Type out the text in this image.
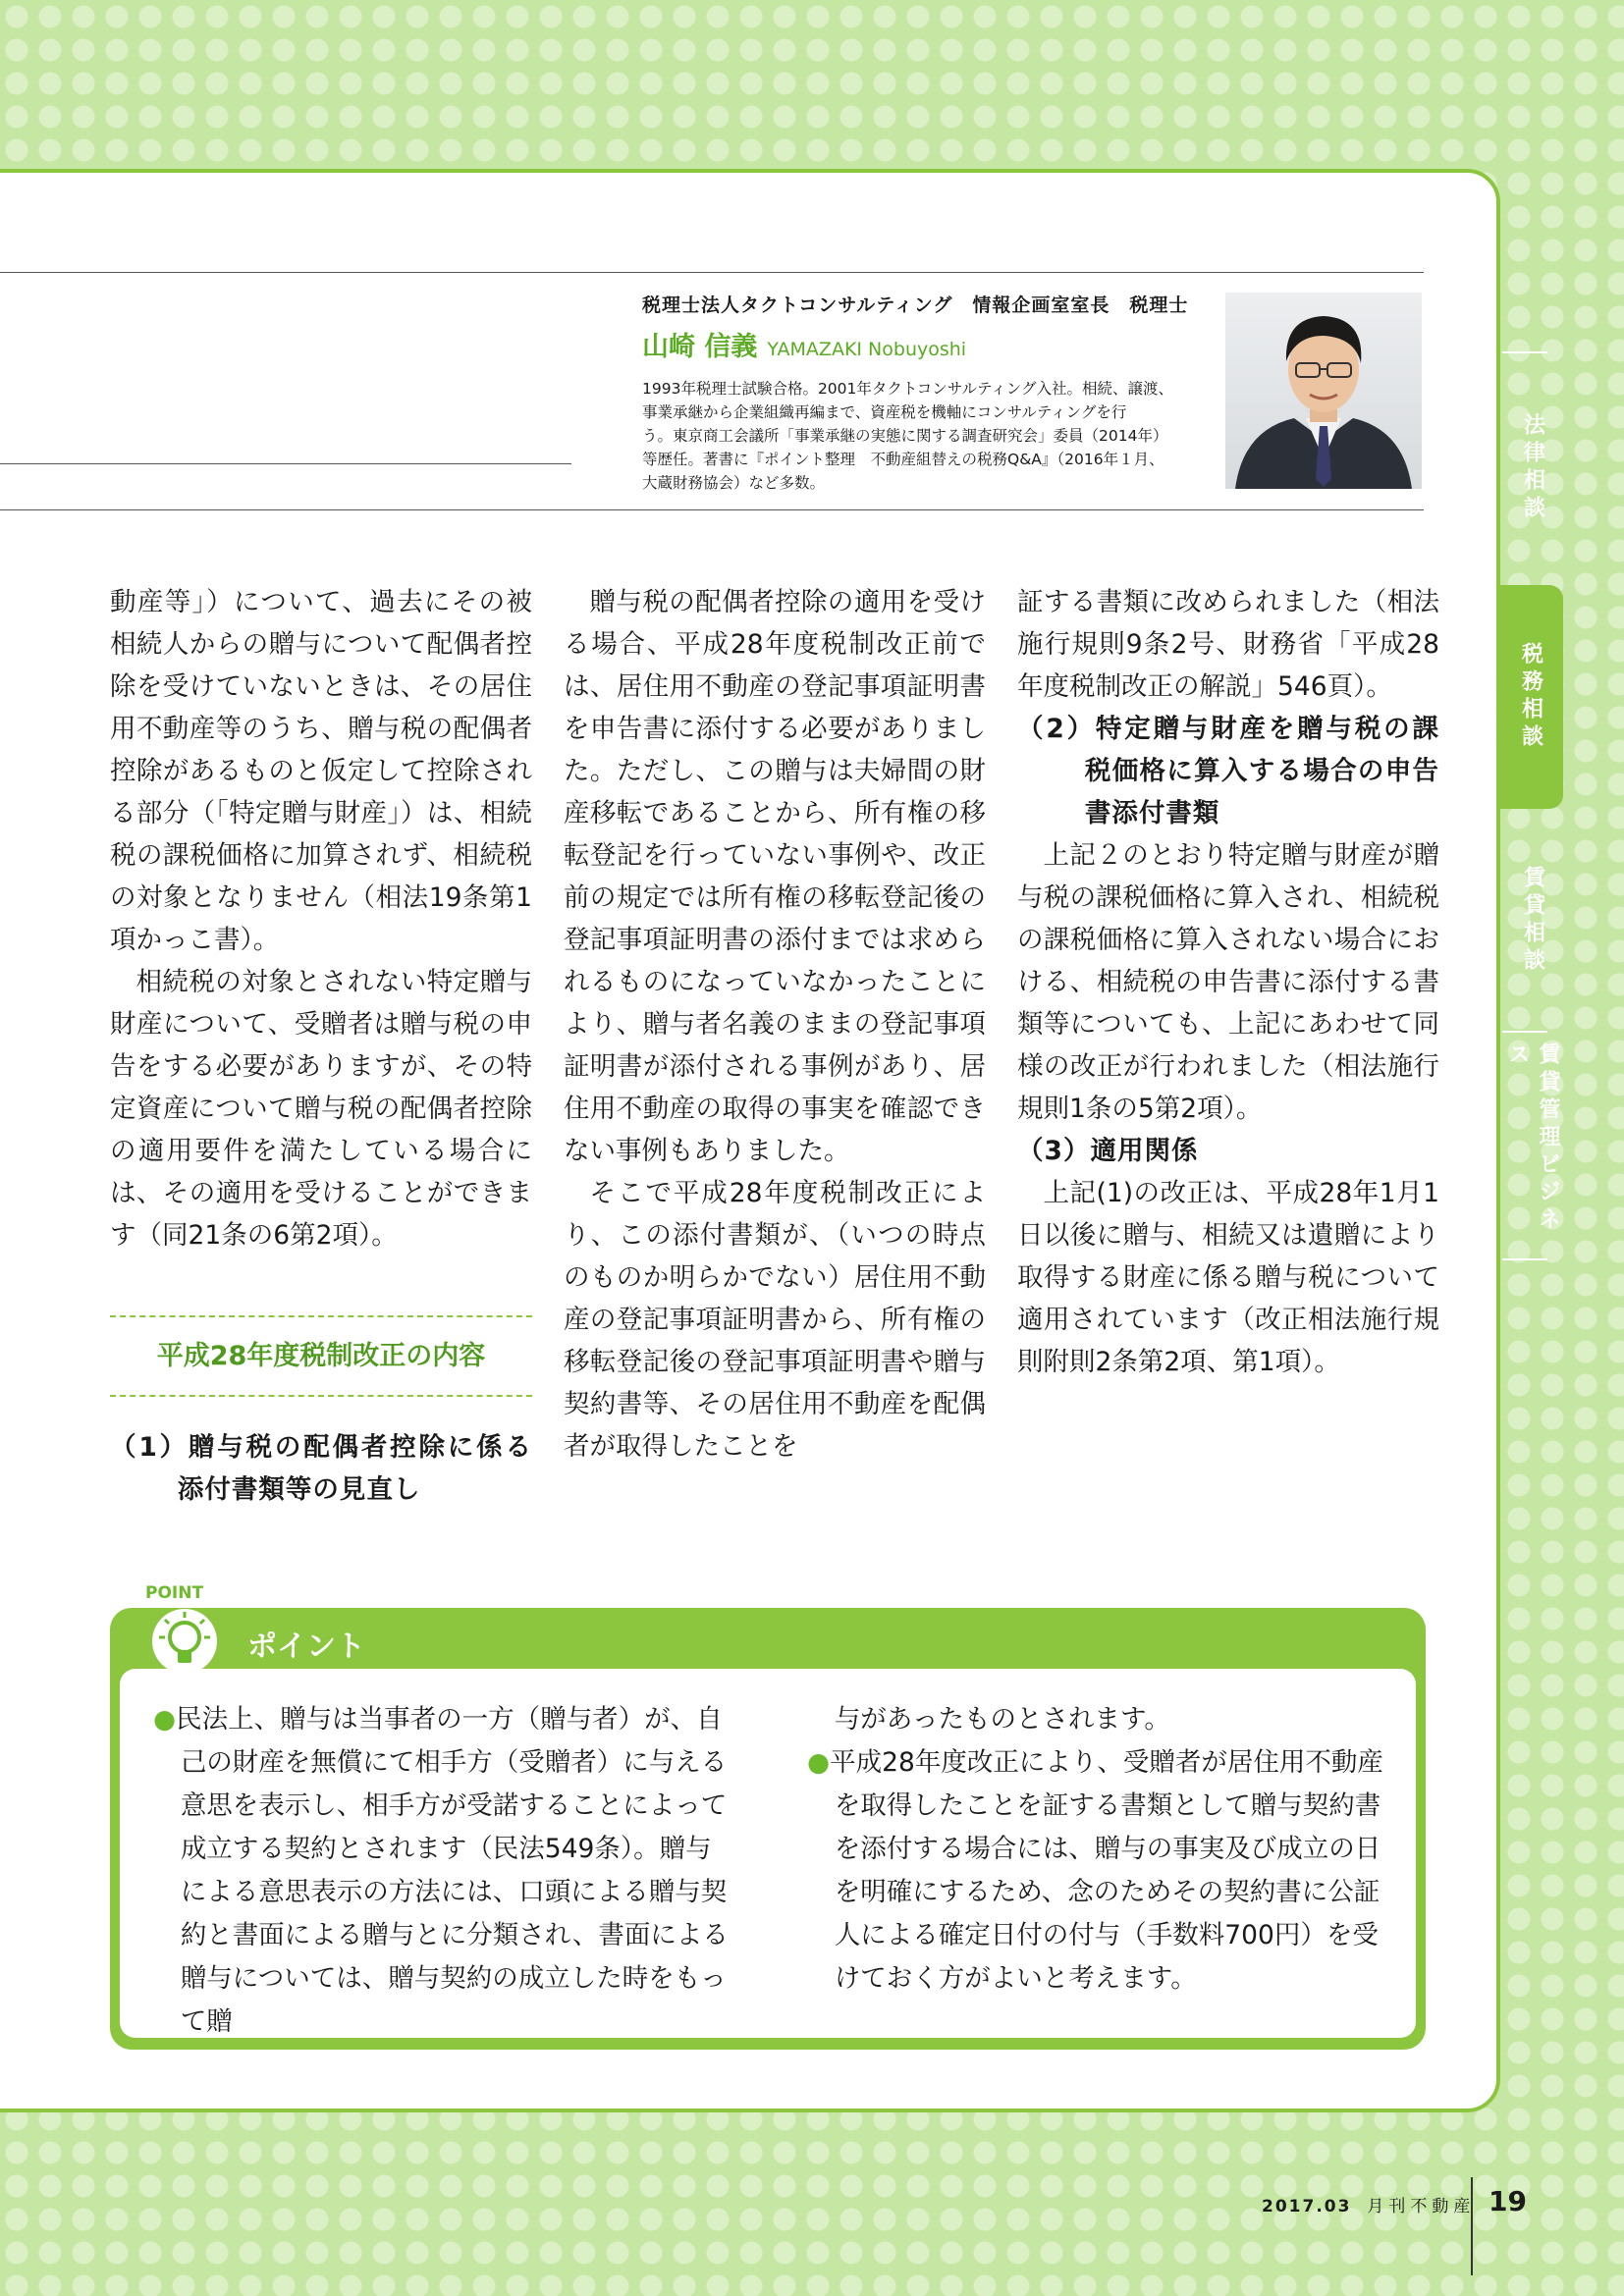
税理士法人タクトコンサルティング　情報企画室室長　税理士
山崎 信義 YAMAZAKI Nobuyoshi
1993年税理士試験合格。2001年タクトコンサルティング入社。相続、譲渡、
事業承継から企業組織再編まで、資産税を機軸にコンサルティングを行
う。東京商工会議所「事業承継の実態に関する調査研究会」委員（2014年）
等歴任。著書に『ポイント整理　不動産組替えの税務Q&A』（2016年１月、
大蔵財務協会）など多数。

動産等」）について、過去にその被相続人からの贈与について配偶者控除を受けていないときは、その居住用不動産等のうち、贈与税の配偶者控除があるものと仮定して控除される部分（「特定贈与財産」）は、相続税の課税価格に加算されず、相続税の対象となりません（相法19条第1項かっこ書）。

相続税の対象とされない特定贈与財産について、受贈者は贈与税の申告をする必要がありますが、その特定資産について贈与税の配偶者控除の適用要件を満たしている場合には、その適用を受けることができます（同21条の6第2項）。

平成28年度税制改正の内容

（1）贈与税の配偶者控除に係る添付書類等の見直し

贈与税の配偶者控除の適用を受ける場合、平成28年度税制改正前では、居住用不動産の登記事項証明書を申告書に添付する必要がありました。ただし、この贈与は夫婦間の財産移転であることから、所有権の移転登記を行っていない事例や、改正前の規定では所有権の移転登記後の登記事項証明書の添付までは求められるものになっていなかったことにより、贈与者名義のままの登記事項証明書が添付される事例があり、居住用不動産の取得の事実を確認できない事例もありました。

そこで平成28年度税制改正により、この添付書類が、（いつの時点のものか明らかでない）居住用不動産の登記事項証明書から、所有権の移転登記後の登記事項証明書や贈与契約書等、その居住用不動産を配偶者が取得したことを

証する書類に改められました（相法施行規則9条2号、財務省「平成28年度税制改正の解説」546頁）。

（2）特定贈与財産を贈与税の課税価格に算入する場合の申告書添付書類

上記２のとおり特定贈与財産が贈与税の課税価格に算入され、相続税の課税価格に算入されない場合における、相続税の申告書に添付する書類等についても、上記にあわせて同様の改正が行われました（相法施行規則1条の5第2項）。

（3）適用関係

上記(1)の改正は、平成28年1月1日以後に贈与、相続又は遺贈により取得する財産に係る贈与税について適用されています（改正相法施行規則附則2条第2項、第1項）。

POINT
ポイント

●民法上、贈与は当事者の一方（贈与者）が、自己の財産を無償にて相手方（受贈者）に与える意思を表示し、相手方が受諾することによって成立する契約とされます（民法549条）。贈与による意思表示の方法には、口頭による贈与契約と書面による贈与とに分類され、書面による贈与については、贈与契約の成立した時をもって贈

与があったものとされます。

●平成28年度改正により、受贈者が居住用不動産を取得したことを証する書類として贈与契約書を添付する場合には、贈与の事実及び成立の日を明確にするため、念のためその契約書に公証人による確定日付の付与（手数料700円）を受けておく方がよいと考えます。

法律相談
税務相談
賃貸相談
賃貸管理ビジネス
2017.03 月刊不動産 19
